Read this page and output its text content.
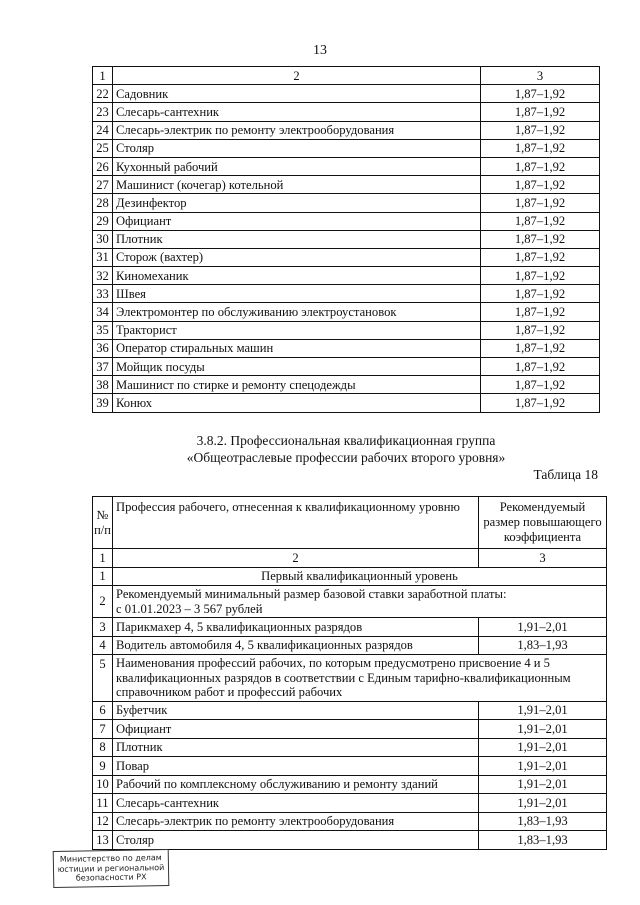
13
1	2	3
22	Садовник	1,87–1,92
23	Слесарь-сантехник	1,87–1,92
24	Слесарь-электрик по ремонту электрооборудования	1,87–1,92
25	Столяр	1,87–1,92
26	Кухонный рабочий	1,87–1,92
27	Машинист (кочегар) котельной	1,87–1,92
28	Дезинфектор	1,87–1,92
29	Официант	1,87–1,92
30	Плотник	1,87–1,92
31	Сторож (вахтер)	1,87–1,92
32	Киномеханик	1,87–1,92
33	Швея	1,87–1,92
34	Электромонтер по обслуживанию электроустановок	1,87–1,92
35	Тракторист	1,87–1,92
36	Оператор стиральных машин	1,87–1,92
37	Мойщик посуды	1,87–1,92
38	Машинист по стирке и ремонту спецодежды	1,87–1,92
39	Конюх	1,87–1,92
3.8.2. Профессиональная квалификационная группа
«Общеотраслевые профессии рабочих второго уровня»
Таблица 18
№ п/п	Профессия рабочего, отнесенная к квалификационному уровню	Рекомендуемый размер повышающего коэффициента
1	2	3
1	Первый квалификационный уровень	
2	Рекомендуемый минимальный размер базовой ставки заработной платы:
с 01.01.2023 – 3 567 рублей	

3	Парикмахер 4, 5 квалификационных разрядов	1,91–2,01
4	Водитель автомобиля 4, 5 квалификационных разрядов	1,83–1,93
5	Наименования профессий рабочих, по которым предусмотрено присвоение 4 и 5
квалификационных разрядов в соответствии с Единым тарифно-квалификационным
справочником работ и профессий рабочих	

6	Буфетчик	1,91–2,01
7	Официант	1,91–2,01
8	Плотник	1,91–2,01
9	Повар	1,91–2,01
10	Рабочий по комплексному обслуживанию и ремонту зданий	1,91–2,01
11	Слесарь-сантехник	1,91–2,01
12	Слесарь-электрик по ремонту электрооборудования	1,83–1,93
13	Столяр	1,83–1,93
Министерство по делам
юстиции и региональной
безопасности РХ
